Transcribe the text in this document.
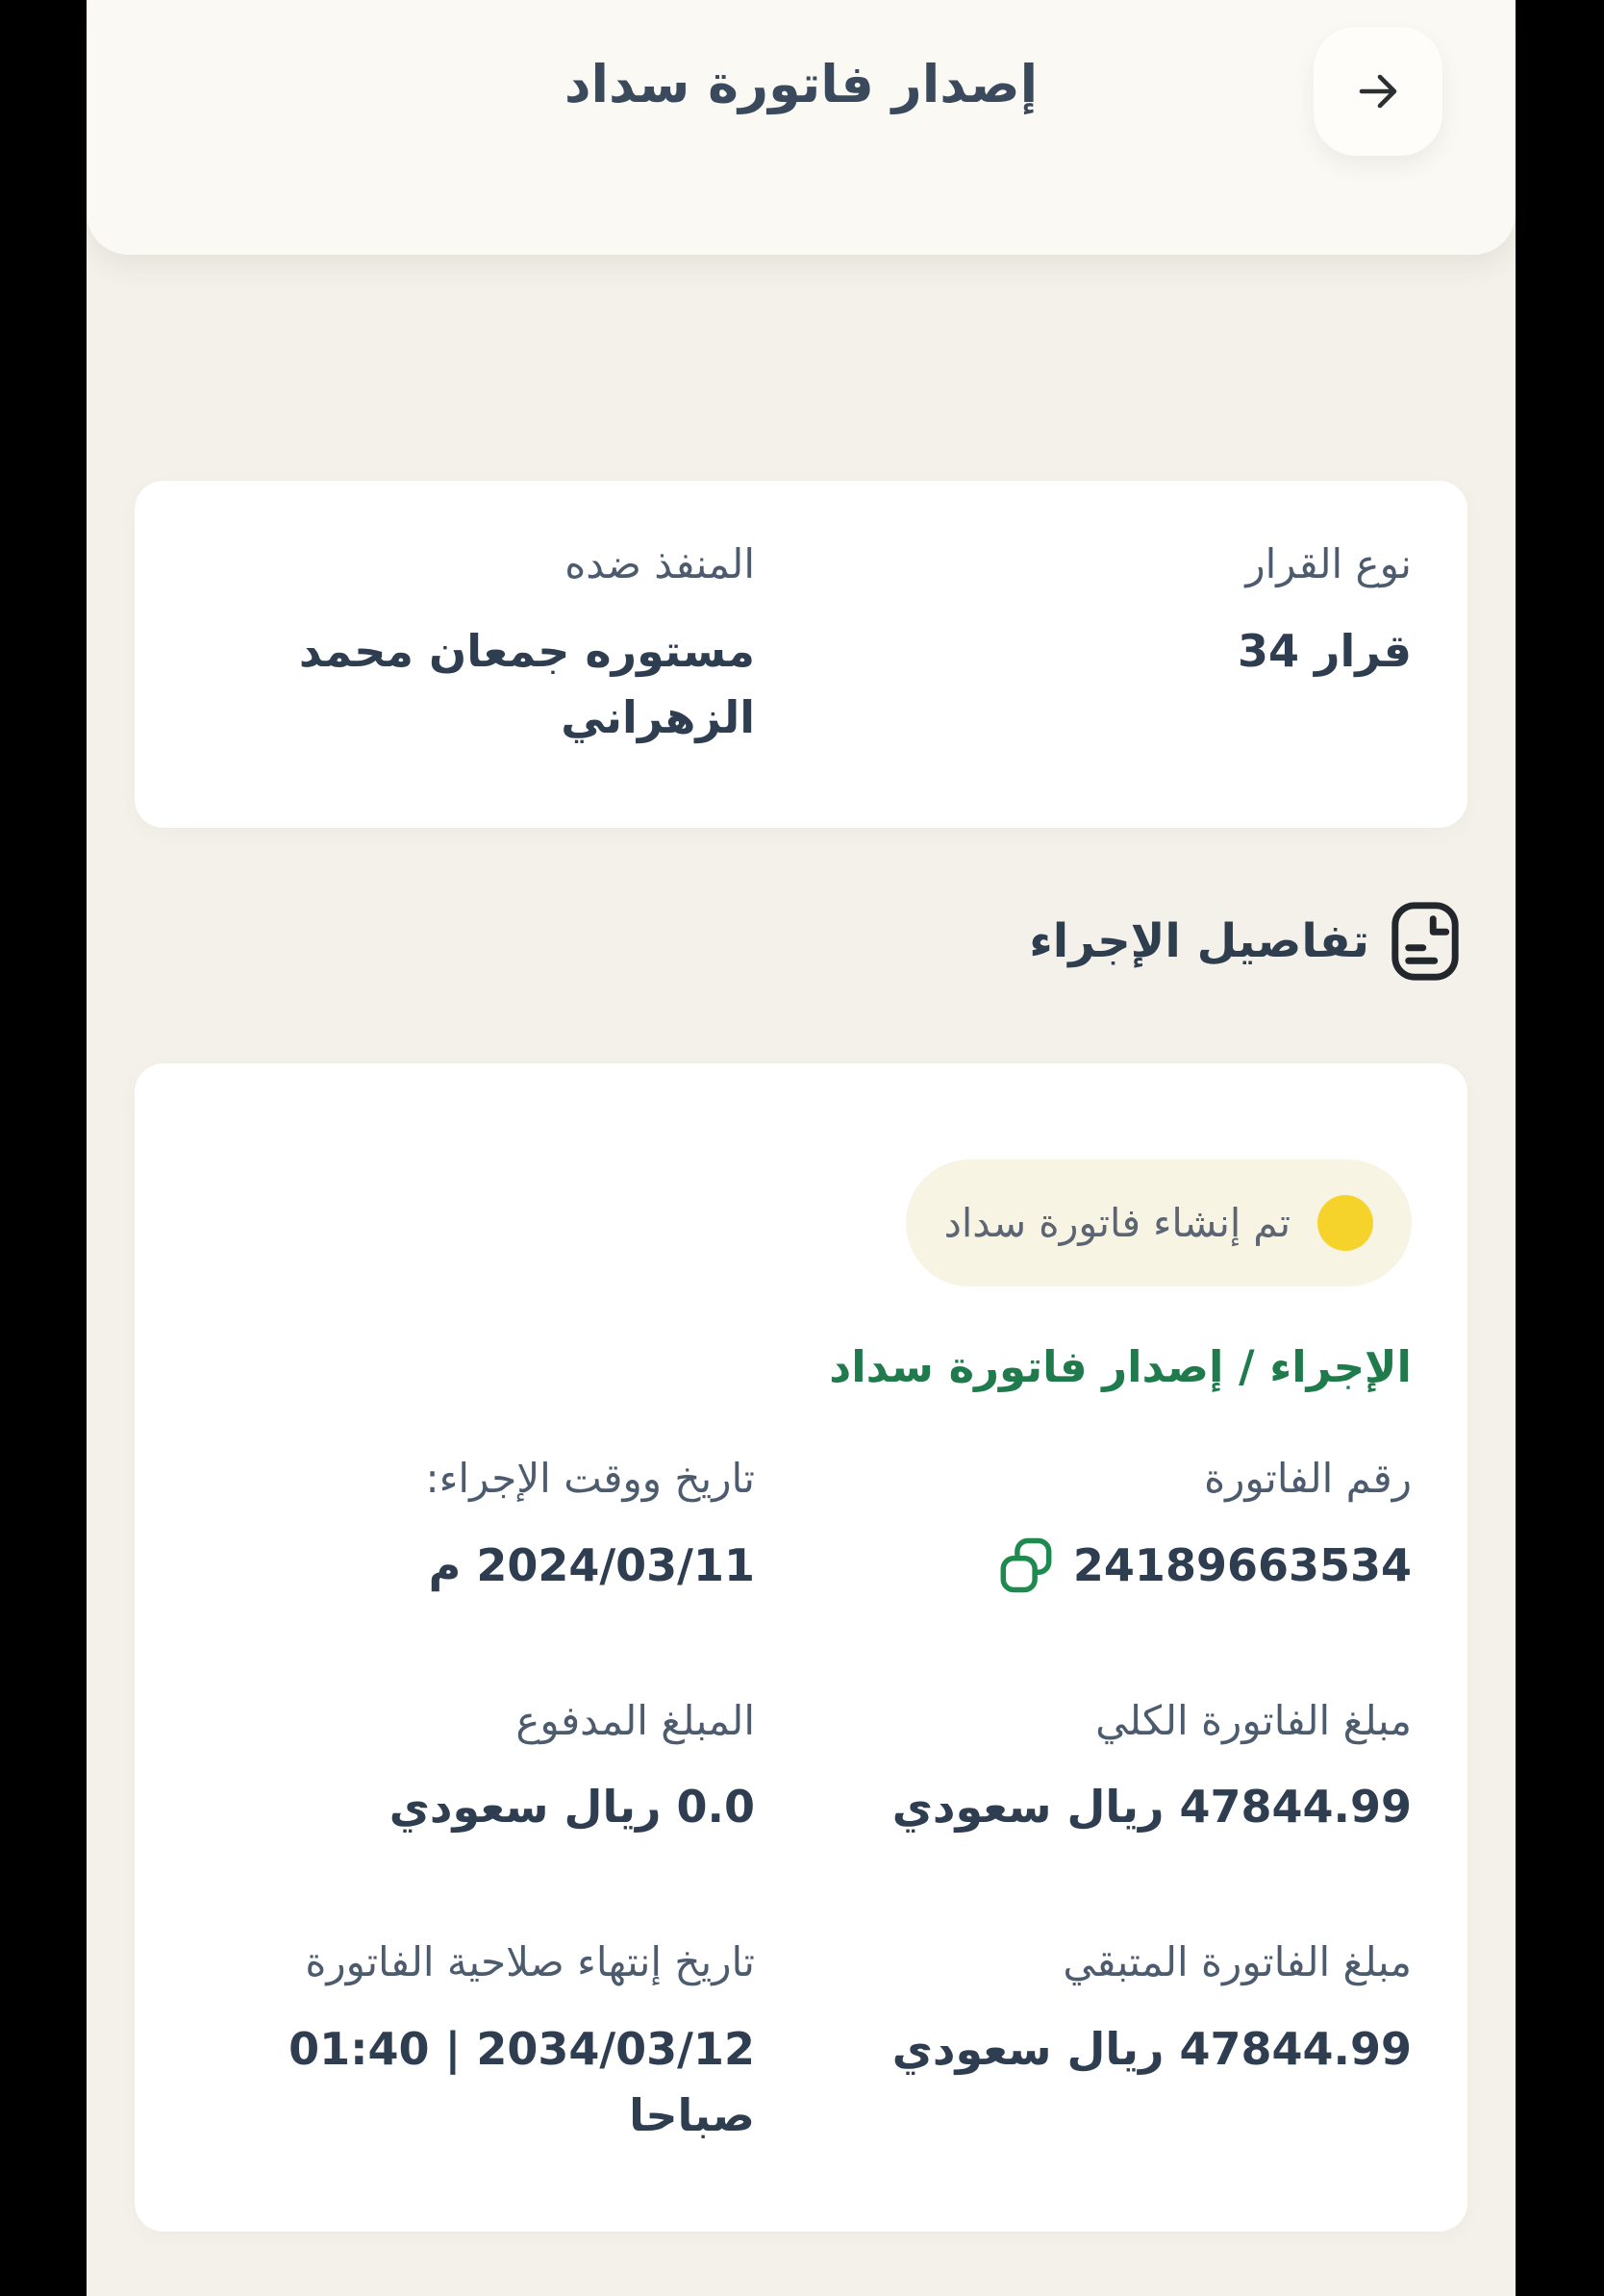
إصدار فاتورة سداد
نوع القرار
قرار 34
المنفذ ضده
مستوره جمعان محمد الزهراني
تفاصيل الإجراء
تم إنشاء فاتورة سداد
الإجراء / إصدار فاتورة سداد
رقم الفاتورة
24189663534
تاريخ ووقت الإجراء:
2024/03/11 م
مبلغ الفاتورة الكلي
47844.99 ريال سعودي
المبلغ المدفوع
0.0 ريال سعودي
مبلغ الفاتورة المتبقي
47844.99 ريال سعودي
تاريخ إنتهاء صلاحية الفاتورة
2034/03/12 | 01:40 صباحا
